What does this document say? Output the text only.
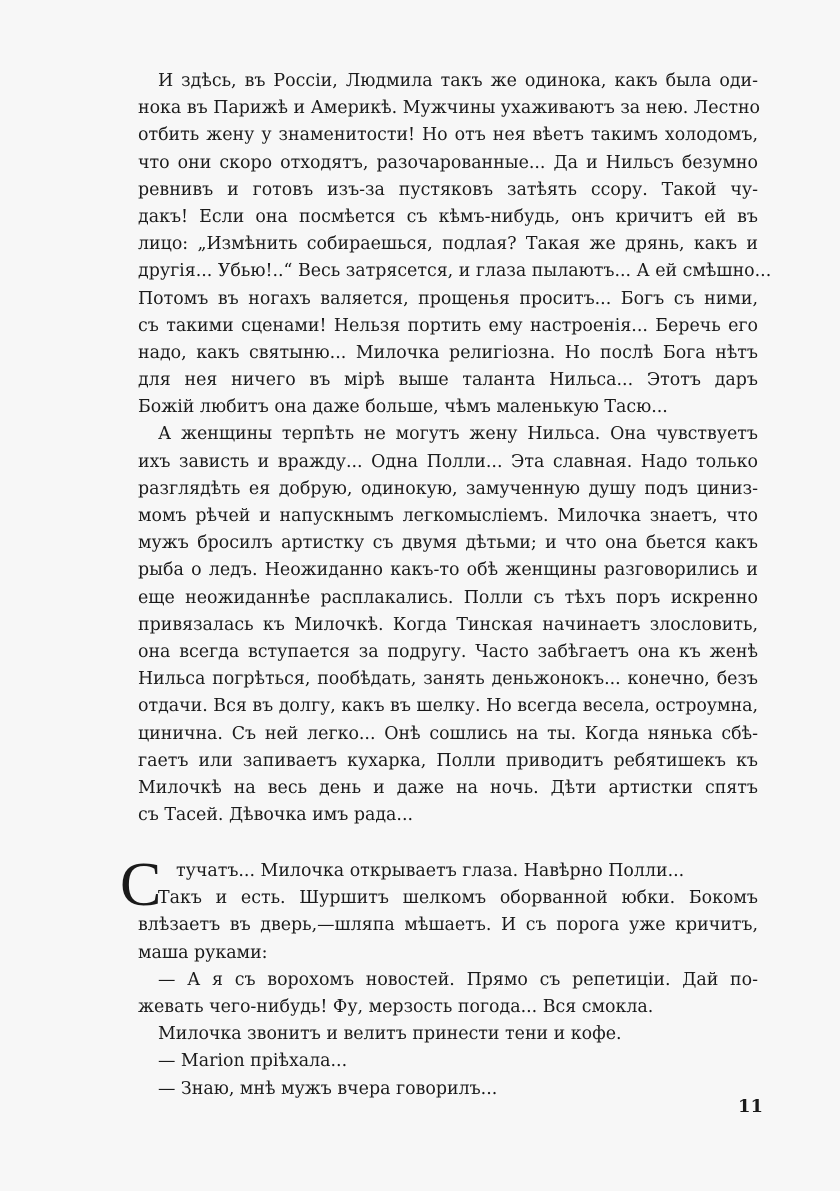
И здѣсь, въ Россіи, Людмила такъ же одинока, какъ была оди-
нока въ Парижѣ и Америкѣ. Мужчины ухаживаютъ за нею. Лестно
отбить жену у знаменитости! Но отъ нея вѣетъ такимъ холодомъ,
что они скоро отходятъ, разочарованные... Да и Нильсъ безумно
ревнивъ и готовъ изъ-за пустяковъ затѣять ссору. Такой чу-
дакъ! Если она посмѣется съ кѣмъ-нибудь, онъ кричитъ ей въ
лицо: „Измѣнить собираешься, подлая? Такая же дрянь, какъ и
другія... Убью!..“ Весь затрясется, и глаза пылаютъ... А ей смѣшно...
Потомъ въ ногахъ валяется, прощенья проситъ... Богъ съ ними,
съ такими сценами! Нельзя портить ему настроенія... Беречь его
надо, какъ святыню... Милочка религіозна. Но послѣ Бога нѣтъ
для нея ничего въ мірѣ выше таланта Нильса... Этотъ даръ
Божій любитъ она даже больше, чѣмъ маленькую Тасю...
А женщины терпѣть не могутъ жену Нильса. Она чувствуетъ
ихъ зависть и вражду... Одна Полли... Эта славная. Надо только
разглядѣть ея добрую, одинокую, замученную душу подъ циниз-
момъ рѣчей и напускнымъ легкомысліемъ. Милочка знаетъ, что
мужъ бросилъ артистку съ двумя дѣтьми; и что она бьется какъ
рыба о ледъ. Неожиданно какъ-то обѣ женщины разговорились и
еще неожиданнѣе расплакались. Полли съ тѣхъ поръ искренно
привязалась къ Милочкѣ. Когда Тинская начинаетъ злословить,
она всегда вступается за подругу. Часто забѣгаетъ она къ женѣ
Нильса погрѣться, пообѣдать, занять деньжонокъ... конечно, безъ
отдачи. Вся въ долгу, какъ въ шелку. Но всегда весела, остроумна,
цинична. Съ ней легко... Онѣ сошлись на ты. Когда нянька сбѣ-
гаетъ или запиваетъ кухарка, Полли приводитъ ребятишекъ къ
Милочкѣ на весь день и даже на ночь. Дѣти артистки спятъ
съ Тасей. Дѣвочка имъ рада...
С тучатъ... Милочка открываетъ глаза. Навѣрно Полли...
Такъ и есть. Шуршитъ шелкомъ оборванной юбки. Бокомъ
влѣзаетъ въ дверь,—шляпа мѣшаетъ. И съ порога уже кричитъ,
маша руками:
— А я съ ворохомъ новостей. Прямо съ репетиціи. Дай по-
жевать чего-нибудь! Фу, мерзость погода... Вся смокла.
Милочка звонитъ и велитъ принести тени и кофе.
— Marion пріѣхала...
— Знаю, мнѣ мужъ вчера говорилъ...
11
